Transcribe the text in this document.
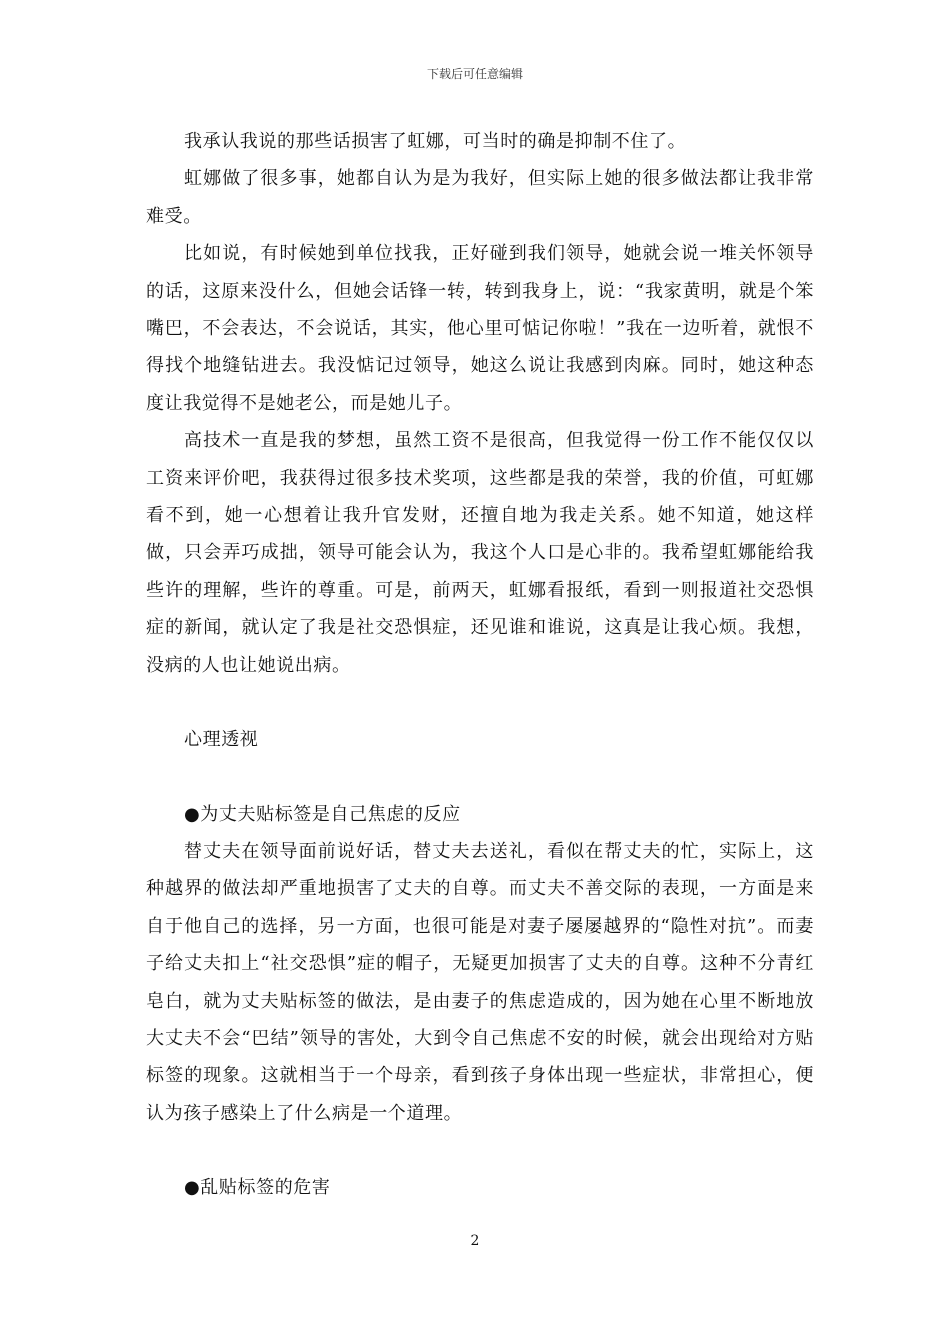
下载后可任意编辑

我承认我说的那些话损害了虹娜，可当时的确是抑制不住了。

虹娜做了很多事，她都自认为是为我好，但实际上她的很多做法都让我非常难受。

比如说，有时候她到单位找我，正好碰到我们领导，她就会说一堆关怀领导的话，这原来没什么，但她会话锋一转，转到我身上，说：“我家黄明，就是个笨嘴巴，不会表达，不会说话，其实，他心里可惦记你啦！”我在一边听着，就恨不得找个地缝钻进去。我没惦记过领导，她这么说让我感到肉麻。同时，她这种态度让我觉得不是她老公，而是她儿子。

高技术一直是我的梦想，虽然工资不是很高，但我觉得一份工作不能仅仅以工资来评价吧，我获得过很多技术奖项，这些都是我的荣誉，我的价值，可虹娜看不到，她一心想着让我升官发财，还擅自地为我走关系。她不知道，她这样做，只会弄巧成拙，领导可能会认为，我这个人口是心非的。我希望虹娜能给我些许的理解，些许的尊重。可是，前两天，虹娜看报纸，看到一则报道社交恐惧症的新闻，就认定了我是社交恐惧症，还见谁和谁说，这真是让我心烦。我想，没病的人也让她说出病。

心理透视

●为丈夫贴标签是自己焦虑的反应

替丈夫在领导面前说好话，替丈夫去送礼，看似在帮丈夫的忙，实际上，这种越界的做法却严重地损害了丈夫的自尊。而丈夫不善交际的表现，一方面是来自于他自己的选择，另一方面，也很可能是对妻子屡屡越界的“隐性对抗”。而妻子给丈夫扣上“社交恐惧”症的帽子，无疑更加损害了丈夫的自尊。这种不分青红皂白，就为丈夫贴标签的做法，是由妻子的焦虑造成的，因为她在心里不断地放大丈夫不会“巴结”领导的害处，大到令自己焦虑不安的时候，就会出现给对方贴标签的现象。这就相当于一个母亲，看到孩子身体出现一些症状，非常担心，便认为孩子感染上了什么病是一个道理。

●乱贴标签的危害

2
